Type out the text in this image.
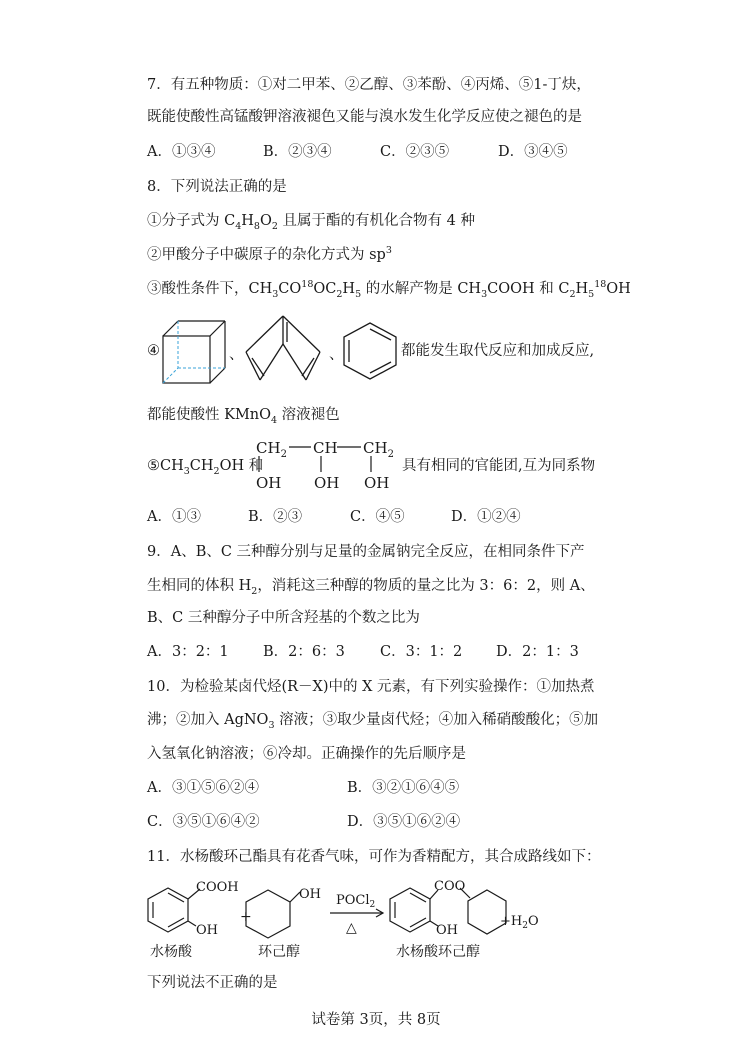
7．有五种物质：①对二甲苯、②乙醇、③苯酚、④丙烯、⑤1-丁炔，
既能使酸性高锰酸钾溶液褪色又能与溴水发生化学反应使之褪色的是
A．①③④	B．②③④	C．②③⑤	D．③④⑤
8．下列说法正确的是
①分子式为 $C_4H_8O_2$ 且属于酯的有机化合物有 4 种
②甲酸分子中碳原子的杂化方式为 $sp^3$
③酸性条件下，$CH_3CO^{18}OC_2H_5$ 的水解产物是 $CH_3COOH$ 和 $C_2H_5^{18}OH$
④	、	、	都能发生取代反应和加成反应,
都能使酸性 KMnO$_4$ 溶液褪色
$⑤CH_3CH_2OH$ 和
$CH_2$ CH $CH_2$
OH OH OH
具有相同的官能团,互为同系物
A．①③	B．②③	C．④⑤	D．①②④
9．A、B、C 三种醇分别与足量的金属钠完全反应，在相同条件下产
生相同的体积 $H_2$，消耗这三种醇的物质的量之比为 3：6：2，则 A、
B、C 三种醇分子中所含羟基的个数之比为
A．3：2：1 B．2：6：3 C．3：1：2 D．2：1：3
10．为检验某卤代烃(R－X)中的 X 元素，有下列实验操作：①加热煮
沸；②加入 AgNO$_3$ 溶液；③取少量卤代烃；④加入稀硝酸酸化；⑤加
入氢氧化钠溶液；⑥冷却。正确操作的先后顺序是
A．③①⑤⑥②④	B．③②①⑥④⑤
C．③⑤①⑥④②	D．③⑤①⑥②④
11．水杨酸环己酯具有花香气味，可作为香精配方，其合成路线如下：
COOH
OH
水杨酸
+
OH
环己醇
POCl$_2$
△
COO
OH
$+H_2O$
水杨酸环己醇
下列说法不正确的是
试卷第 3页，共 8页
